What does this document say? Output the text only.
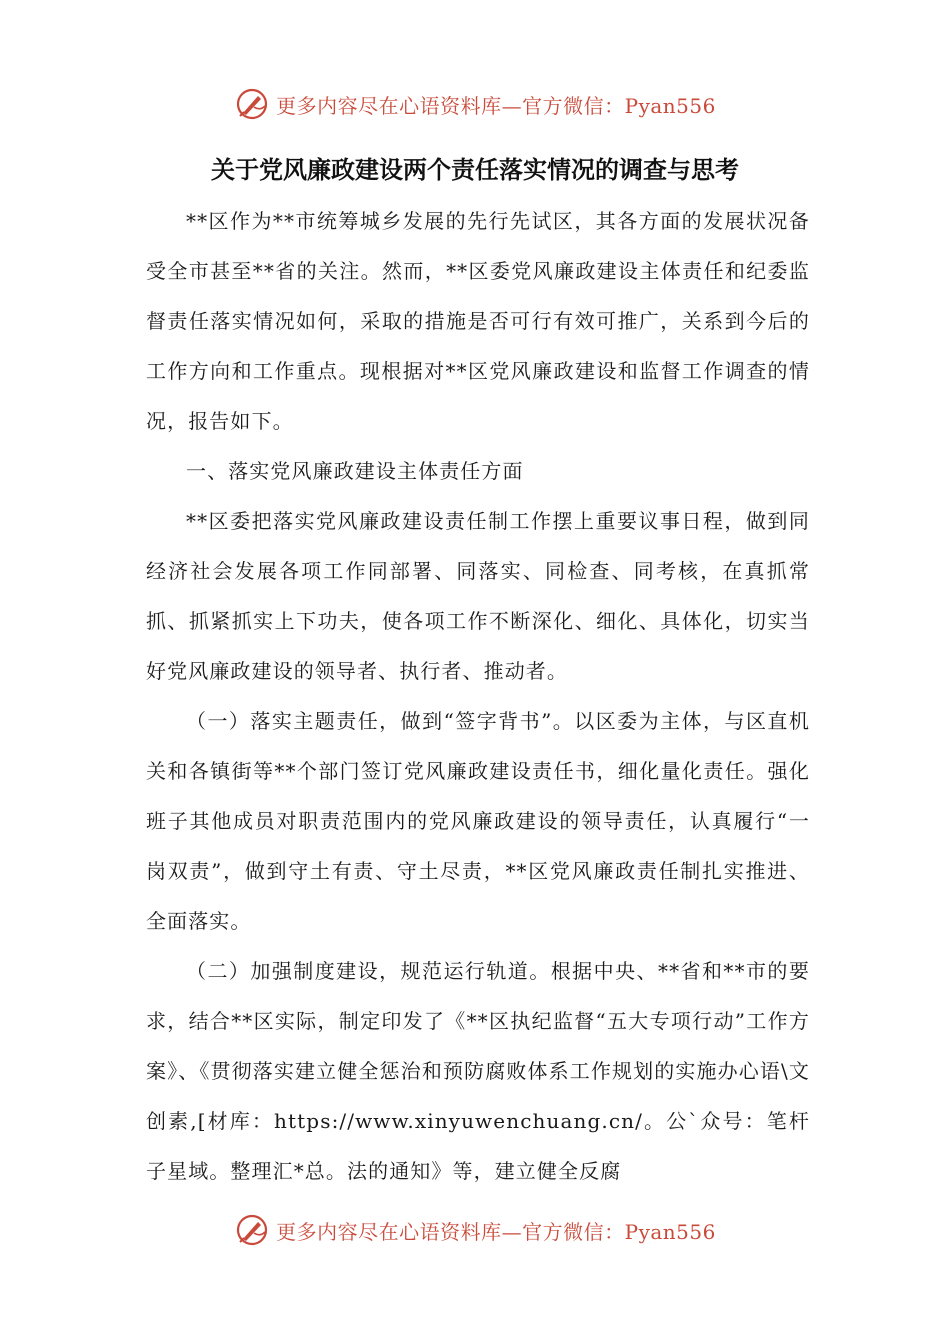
更多内容尽在心语资料库—官方微信：Pyan556
关于党风廉政建设两个责任落实情况的调查与思考

**区作为**市统筹城乡发展的先行先试区，其各方面的发展状况备受全市甚至**省的关注。然而，**区委党风廉政建设主体责任和纪委监督责任落实情况如何，采取的措施是否可行有效可推广，关系到今后的工作方向和工作重点。现根据对**区党风廉政建设和监督工作调查的情况，报告如下。

一、落实党风廉政建设主体责任方面

**区委把落实党风廉政建设责任制工作摆上重要议事日程，做到同经济社会发展各项工作同部署、同落实、同检查、同考核，在真抓常抓、抓紧抓实上下功夫，使各项工作不断深化、细化、具体化，切实当好党风廉政建设的领导者、执行者、推动者。

（一）落实主题责任，做到“签字背书”。以区委为主体，与区直机关和各镇街等**个部门签订党风廉政建设责任书，细化量化责任。强化班子其他成员对职责范围内的党风廉政建设的领导责任，认真履行“一岗双责”，做到守土有责、守土尽责，**区党风廉政责任制扎实推进、全面落实。

（二）加强制度建设，规范运行轨道。根据中央、**省和**市的要求，结合**区实际，制定印发了《**区执纪监督“五大专项行动”工作方案》、《贯彻落实建立健全惩治和预防腐败体系工作规划的实施办心语\文创素,[材库：https://www.xinyuwenchuang.cn/。公`众号：笔杆子星域。整理汇*总。法的通知》等，建立健全反腐

更多内容尽在心语资料库—官方微信：Pyan556
